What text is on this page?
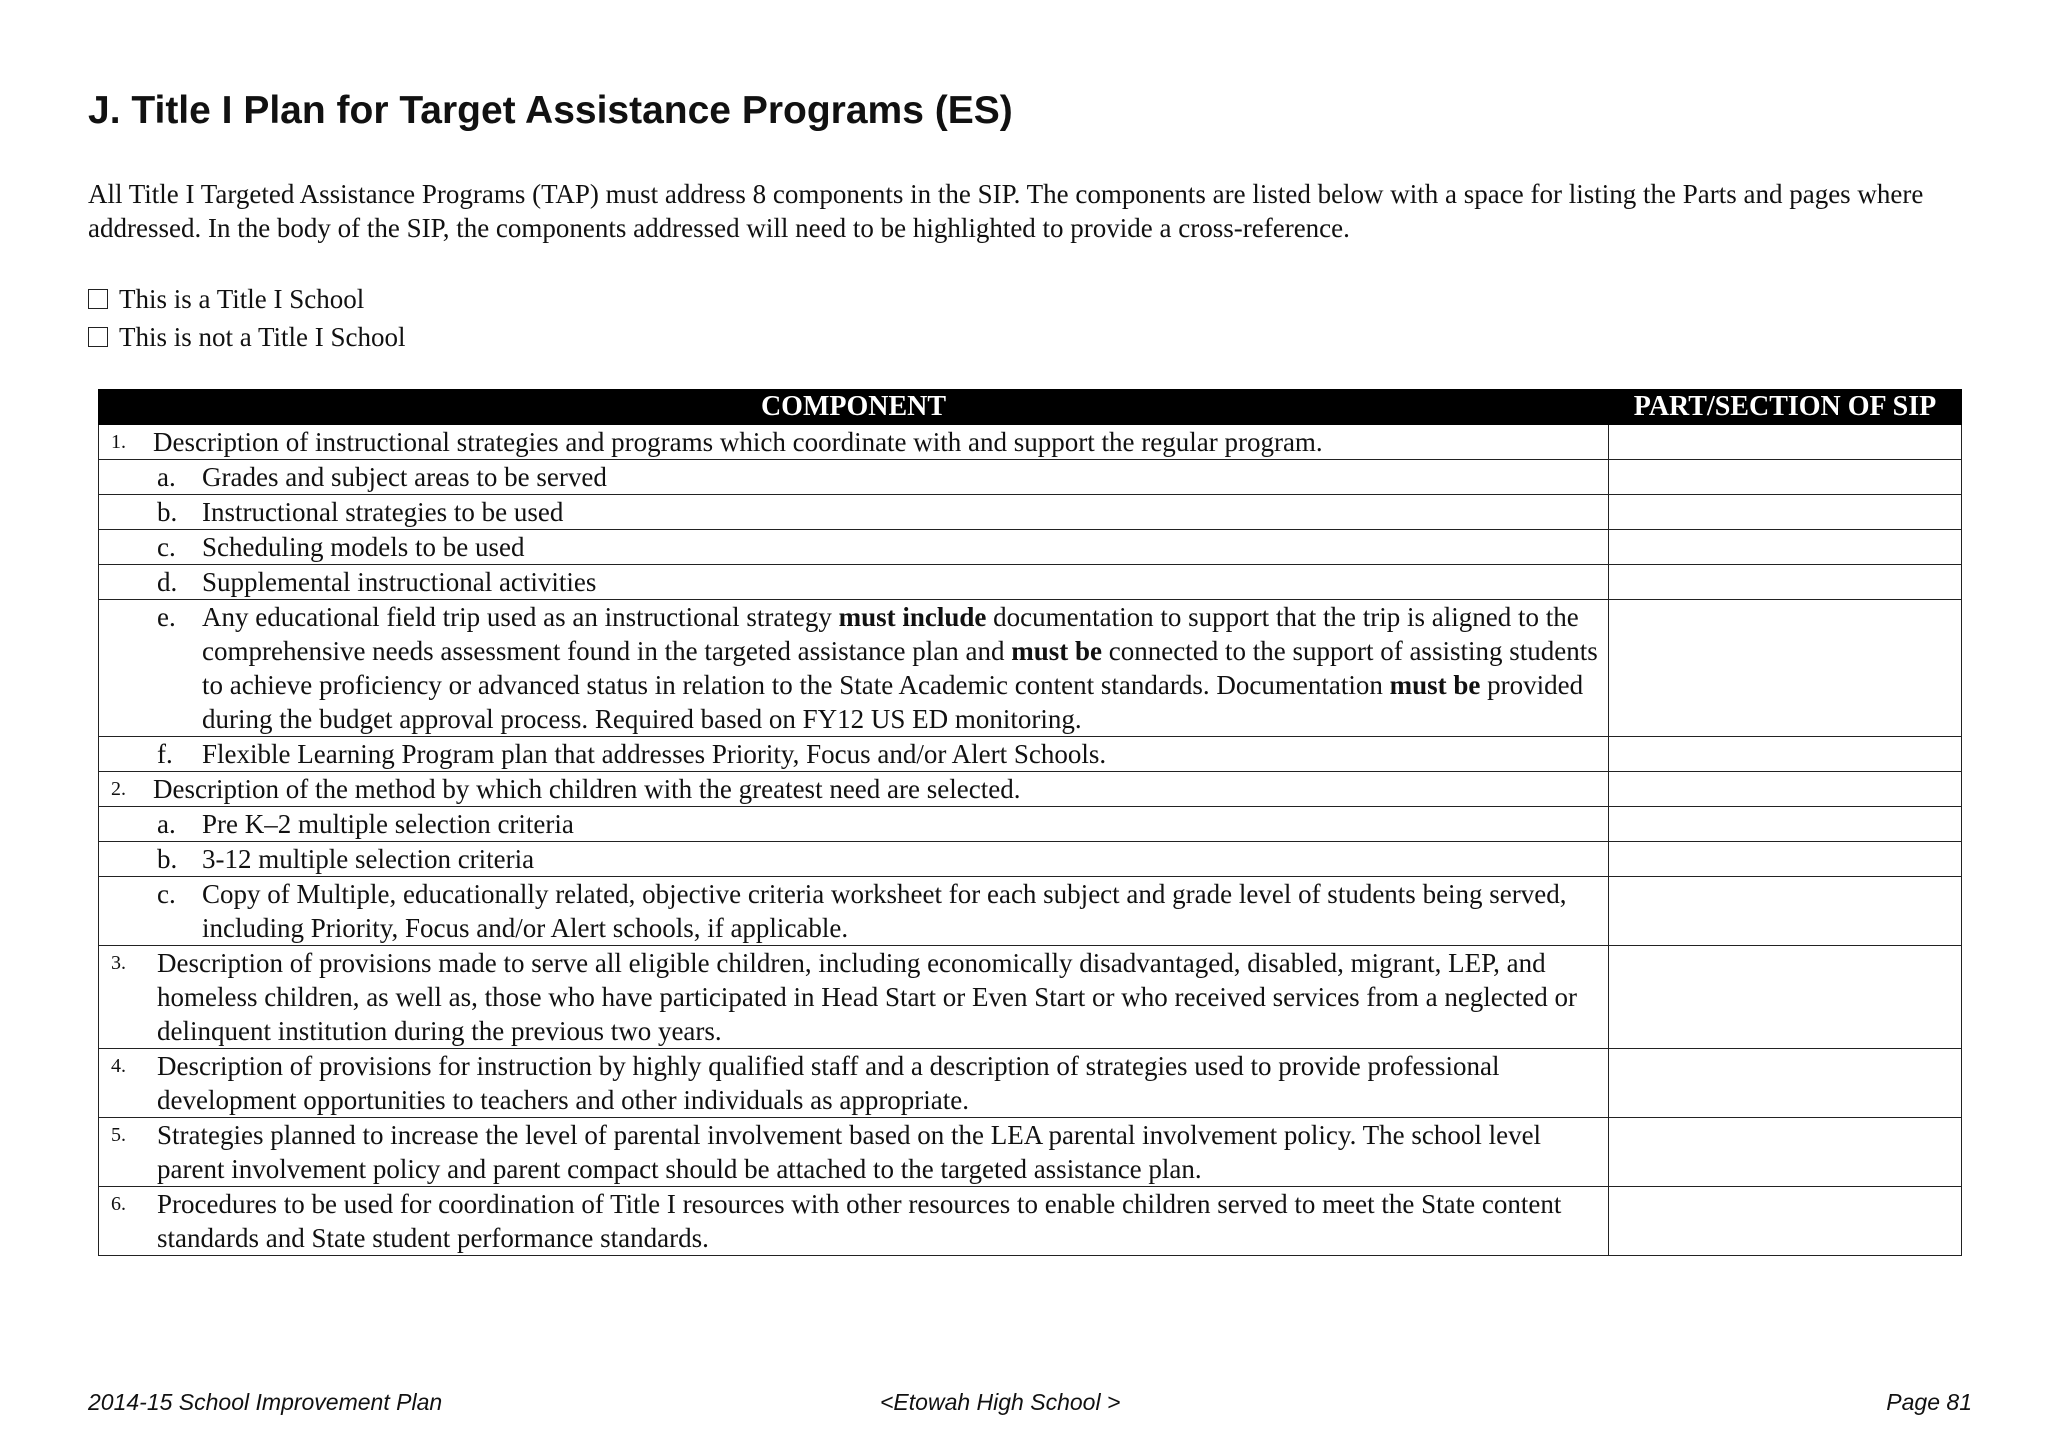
J. Title I Plan for Target Assistance Programs (ES)

All Title I Targeted Assistance Programs (TAP) must address 8 components in the SIP. The components are listed below with a space for listing the Parts and pages where addressed. In the body of the SIP, the components addressed will need to be highlighted to provide a cross-reference.

This is a Title I School
This is not a Title I School
COMPONENT	PART/SECTION OF SIP

1. Description of instructional strategies and programs which coordinate with and support the regular program.	

a. Grades and subject areas to be served	

b. Instructional strategies to be used	

c. Scheduling models to be used	

d. Supplemental instructional activities	

e. Any educational field trip used as an instructional strategy must include documentation to support that the trip is aligned to the comprehensive needs assessment found in the targeted assistance plan and must be connected to the support of assisting students to achieve proficiency or advanced status in relation to the State Academic content standards. Documentation must be provided during the budget approval process. Required based on FY12 US ED monitoring.	

f. Flexible Learning Program plan that addresses Priority, Focus and/or Alert Schools.	

2. Description of the method by which children with the greatest need are selected.	

a. Pre K–2 multiple selection criteria	

b. 3-12 multiple selection criteria	

c. Copy of Multiple, educationally related, objective criteria worksheet for each subject and grade level of students being served, including Priority, Focus and/or Alert schools, if applicable.	

3. Description of provisions made to serve all eligible children, including economically disadvantaged, disabled, migrant, LEP, and homeless children, as well as, those who have participated in Head Start or Even Start or who received services from a neglected or delinquent institution during the previous two years.	

4. Description of provisions for instruction by highly qualified staff and a description of strategies used to provide professional development opportunities to teachers and other individuals as appropriate.	

5. Strategies planned to increase the level of parental involvement based on the LEA parental involvement policy. The school level parent involvement policy and parent compact should be attached to the targeted assistance plan.	

6. Procedures to be used for coordination of Title I resources with other resources to enable children served to meet the State content standards and State student performance standards.	

2014-15 School Improvement Plan	<Etowah High School >	Page 81
